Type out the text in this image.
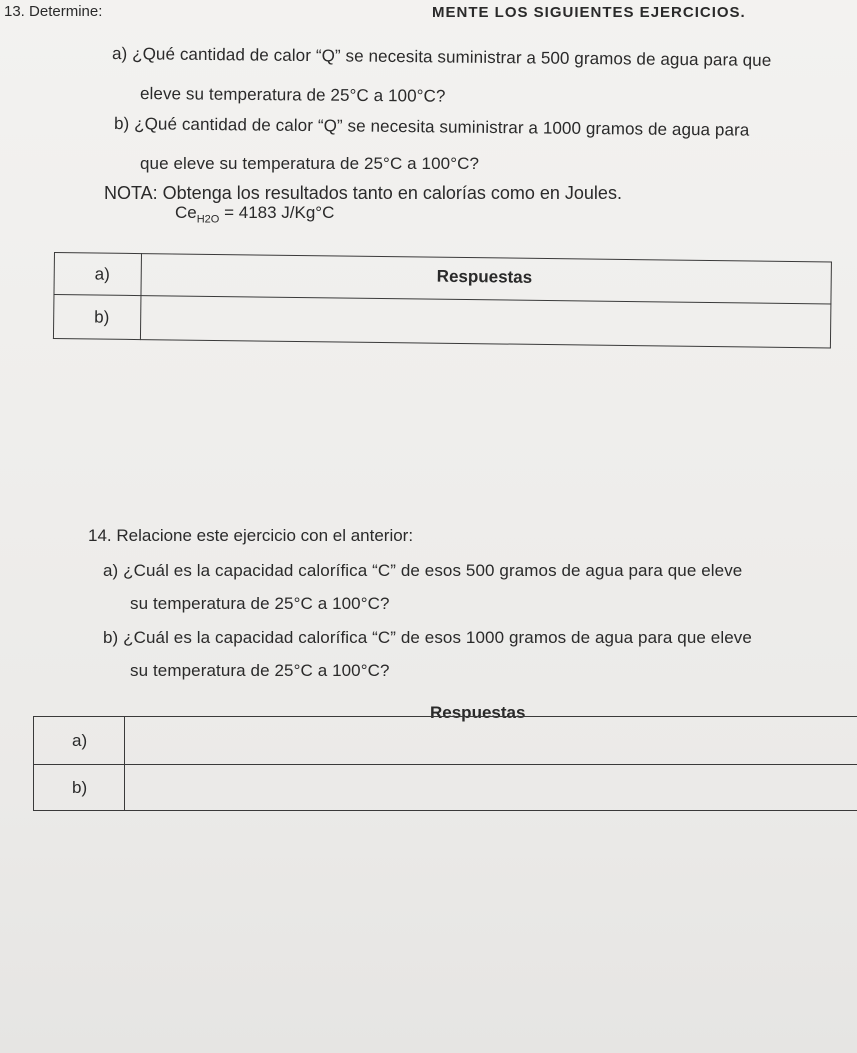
13. Determine:	MENTE LOS SIGUIENTES EJERCICIOS.
a) ¿Qué cantidad de calor “Q” se necesita suministrar a 500 gramos de agua para que
eleve su temperatura de 25°C a 100°C?
b) ¿Qué cantidad de calor “Q” se necesita suministrar a 1000 gramos de agua para
que eleve su temperatura de 25°C a 100°C?
NOTA: Obtenga los resultados tanto en calorías como en Joules.
$Ce_{H2O} = 4183$ J/Kg°C
a)	Respuestas

b)	
14. Relacione este ejercicio con el anterior:
a) ¿Cuál es la capacidad calorífica “C” de esos 500 gramos de agua para que eleve
su temperatura de 25°C a 100°C?
b) ¿Cuál es la capacidad calorífica “C” de esos 1000 gramos de agua para que eleve
su temperatura de 25°C a 100°C?
Respuestas
a)	
b)	
